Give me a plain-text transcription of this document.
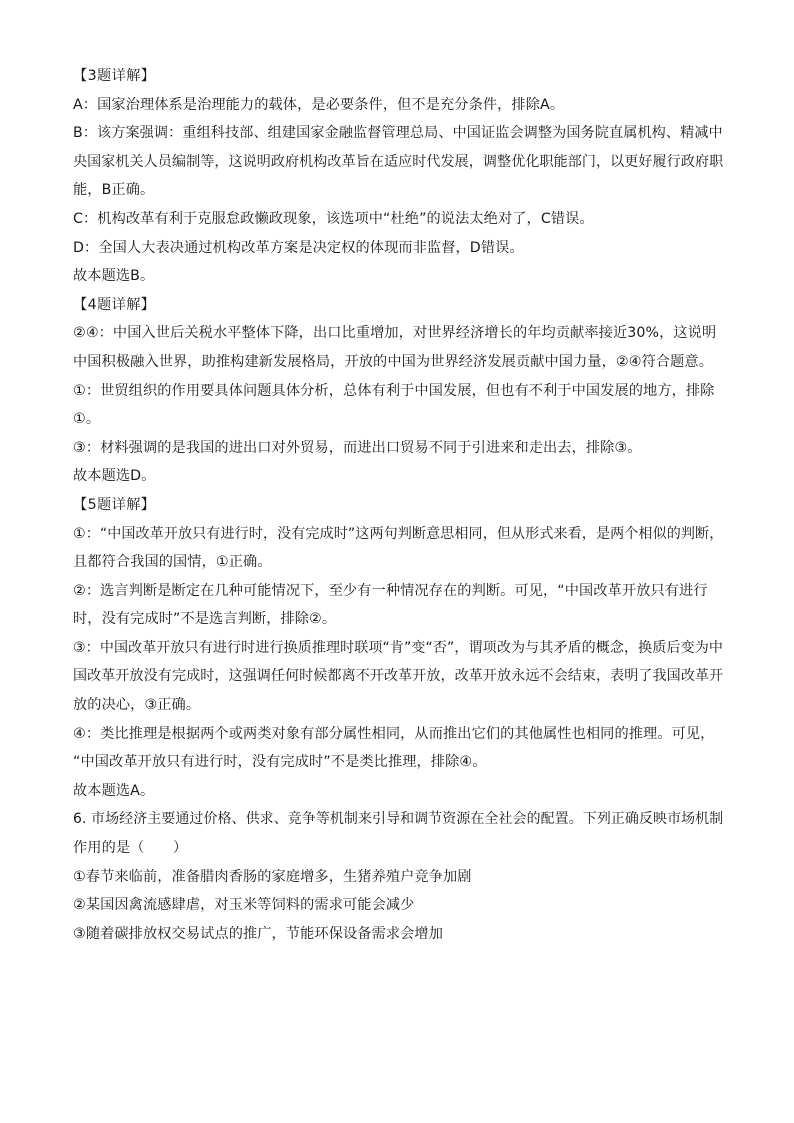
【3题详解】
A：国家治理体系是治理能力的载体，是必要条件，但不是充分条件，排除A。
B：该方案强调：重组科技部、组建国家金融监督管理总局、中国证监会调整为国务院直属机构、精减中
央国家机关人员编制等，这说明政府机构改革旨在适应时代发展，调整优化职能部门，以更好履行政府职
能，B正确。
C：机构改革有利于克服怠政懒政现象，该选项中“杜绝”的说法太绝对了，C错误。
D：全国人大表决通过机构改革方案是决定权的体现而非监督，D错误。
故本题选B。
【4题详解】
②④：中国入世后关税水平整体下降，出口比重增加，对世界经济增长的年均贡献率接近30%，这说明
中国积极融入世界，助推构建新发展格局，开放的中国为世界经济发展贡献中国力量，②④符合题意。
①：世贸组织的作用要具体问题具体分析，总体有利于中国发展，但也有不利于中国发展的地方，排除
①。
③：材料强调的是我国的进出口对外贸易，而进出口贸易不同于引进来和走出去，排除③。
故本题选D。
【5题详解】
①：“中国改革开放只有进行时，没有完成时”这两句判断意思相同，但从形式来看，是两个相似的判断，
且都符合我国的国情，①正确。
②：选言判断是断定在几种可能情况下，至少有一种情况存在的判断。可见，“中国改革开放只有进行
时，没有完成时”不是选言判断，排除②。
③：中国改革开放只有进行时进行换质推理时联项“肯”变“否”，谓项改为与其矛盾的概念，换质后变为中
国改革开放没有完成时，这强调任何时候都离不开改革开放，改革开放永远不会结束，表明了我国改革开
放的决心，③正确。
④：类比推理是根据两个或两类对象有部分属性相同，从而推出它们的其他属性也相同的推理。可见，
“中国改革开放只有进行时，没有完成时”不是类比推理，排除④。
故本题选A。
6. 市场经济主要通过价格、供求、竞争等机制来引导和调节资源在全社会的配置。下列正确反映市场机制
作用的是（　　）
①春节来临前，准备腊肉香肠的家庭增多，生猪养殖户竞争加剧
②某国因禽流感肆虐，对玉米等饲料的需求可能会减少
③随着碳排放权交易试点的推广，节能环保设备需求会增加
